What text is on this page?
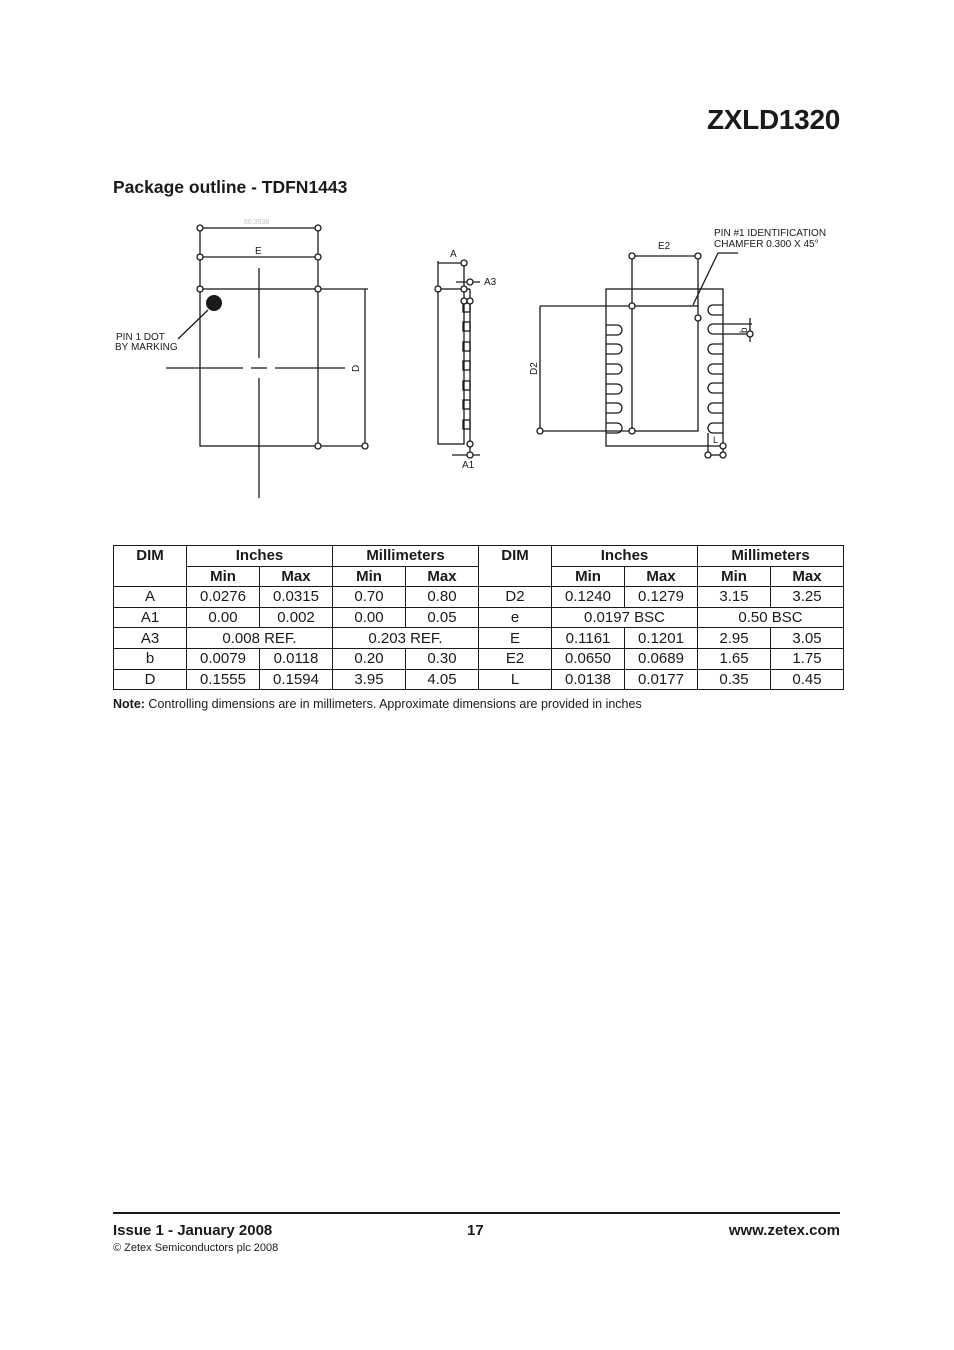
ZXLD1320
Package outline - TDFN1443
60.3938
E
PIN 1 DOT
BY MARKING
D
A
A3
A1
E2
D2
PIN #1 IDENTIFICATION
CHAMFER 0.300 X 45°
b
L
DIM	Inches		Millimeters		DIM	Inches		Millimeters	
	Min	Max	Min	Max		Min	Max	Min	Max
A	0.0276	0.0315	0.70	0.80	D2	0.1240	0.1279	3.15	3.25
A1	0.00	0.002	0.00	0.05	e	0.0197 BSC		0.50 BSC	
A3	0.008 REF.		0.203 REF.		E	0.1161	0.1201	2.95	3.05
b	0.0079	0.0118	0.20	0.30	E2	0.0650	0.0689	1.65	1.75
D	0.1555	0.1594	3.95	4.05	L	0.0138	0.0177	0.35	0.45
Note: Controlling dimensions are in millimeters. Approximate dimensions are provided in inches
Issue 1 - January 2008
© Zetex Semiconductors plc 2008
17	www.zetex.com
